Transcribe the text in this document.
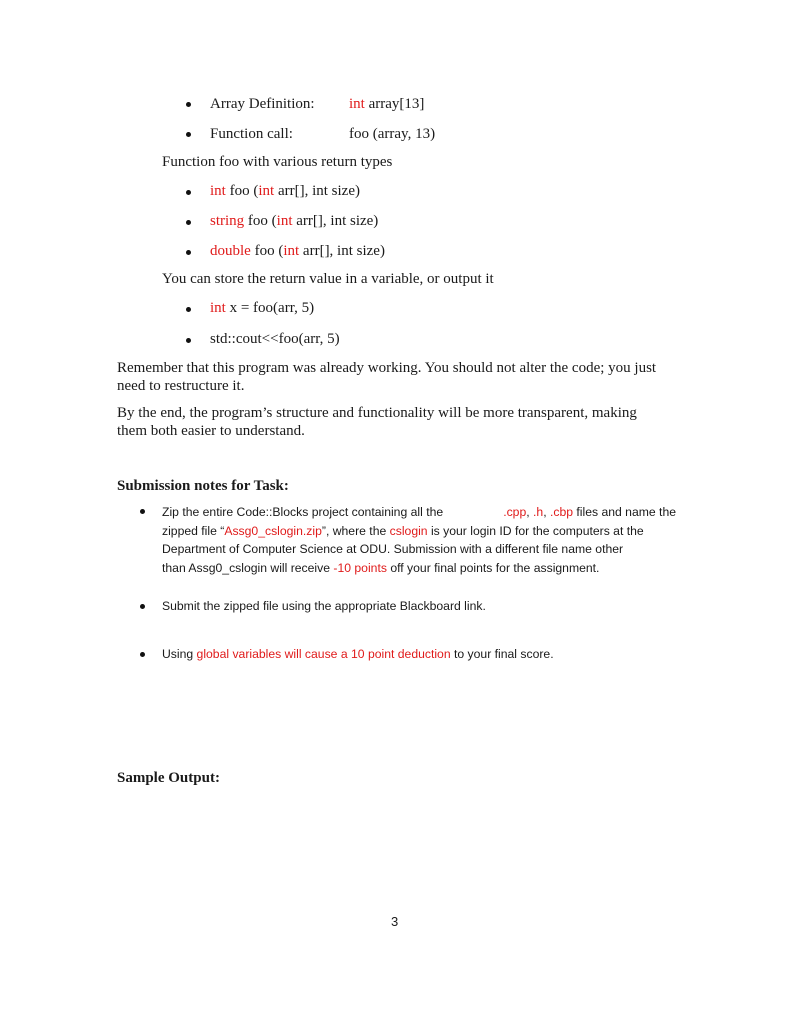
Array Definition: int array[13]
Function call:	foo (array, 13)
Function foo with various return types
int foo (int arr[], int size)
string foo (int arr[], int size)
double foo (int arr[], int size)
You can store the return value in a variable, or output it
int x = foo(arr, 5)
std::cout<<foo(arr, 5)
Remember that this program was already working. You should not alter the code; you just
need to restructure it.
By the end, the program’s structure and functionality will be more transparent, making
them both easier to understand.
Submission notes for Task:
Zip the entire Code::Blocks project containing all the	.cpp, .h, .cbp files and name the
zipped file “Assg0_cslogin.zip”, where the cslogin is your login ID for the computers at the
Department of Computer Science at ODU. Submission with a different file name other
than Assg0_cslogin will receive -10 points off your final points for the assignment.
Submit the zipped file using the appropriate Blackboard link.
Using global variables will cause a 10 point deduction to your final score.
Sample Output:
3
